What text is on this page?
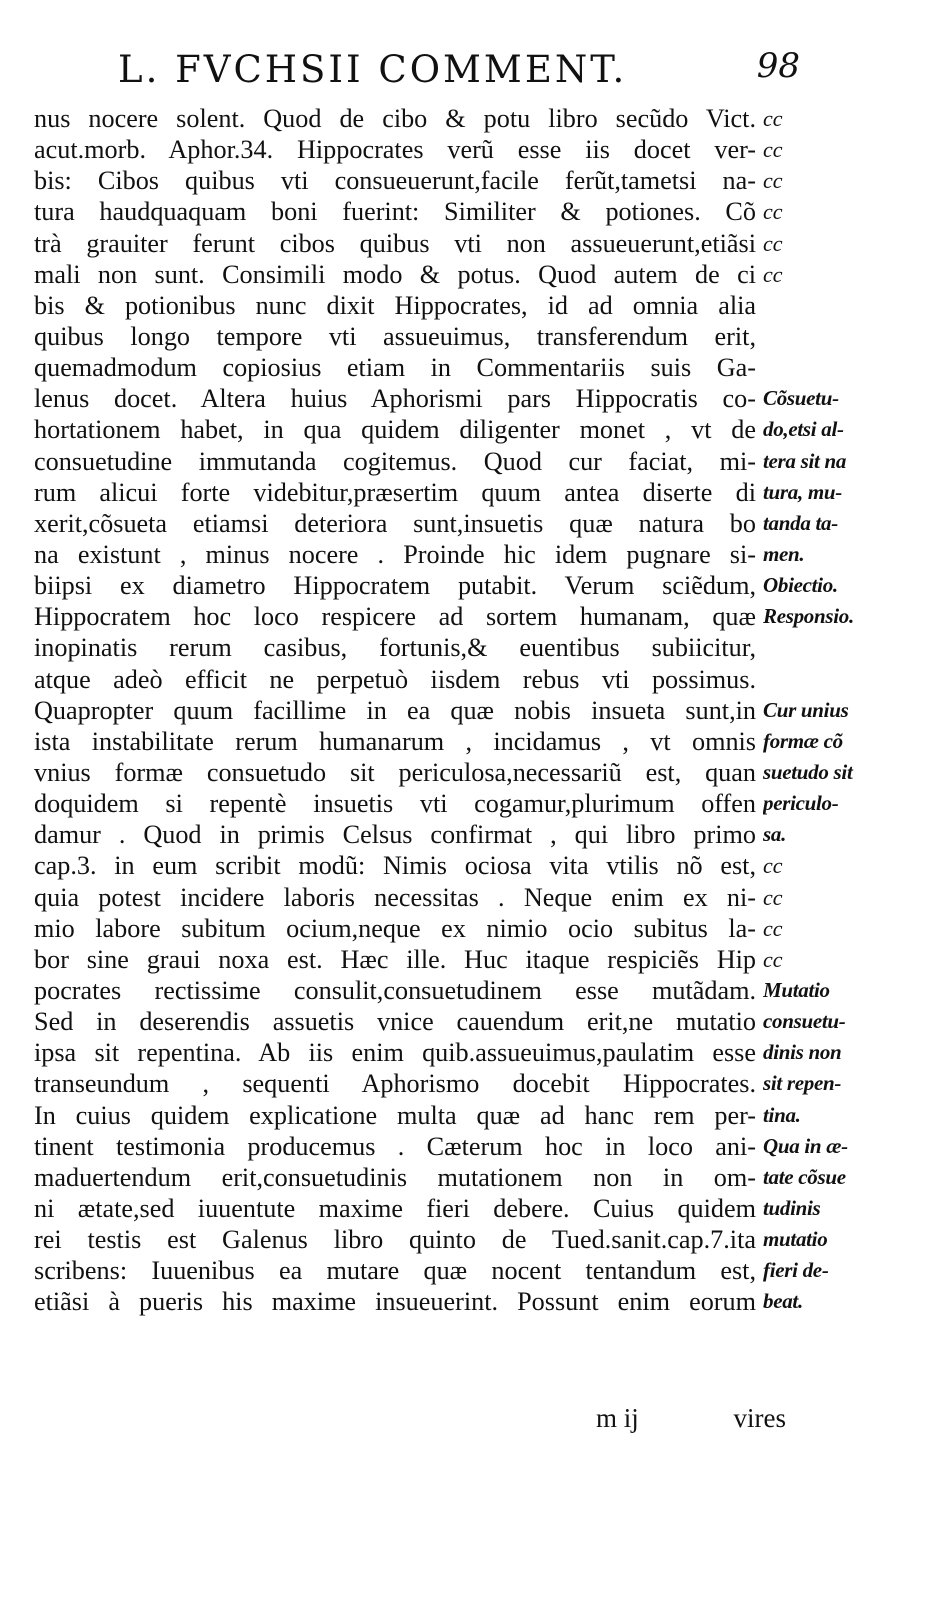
L. FVCHSII COMMENT.	98
nus nocere solent. Quod de cibo & potu libro secũdo Vict.
acut.morb. Aphor.34. Hippocrates verũ esse iis docet ver-
bis: Cibos quibus vti consueuerunt,facile ferũt,tametsi na-
tura haudquaquam boni fuerint: Similiter & potiones. Cõ
trà grauiter ferunt cibos quibus vti non assueuerunt,etiãsi
mali non sunt. Consimili modo & potus. Quod autem de ci
bis & potionibus nunc dixit Hippocrates, id ad omnia alia
quibus longo tempore vti assueuimus, transferendum erit,
quemadmodum copiosius etiam in Commentariis suis Ga-
lenus docet. Altera huius Aphorismi pars Hippocratis co-
hortationem habet, in qua quidem diligenter monet , vt de
consuetudine immutanda cogitemus. Quod cur faciat, mi-
rum alicui forte videbitur,præsertim quum antea diserte di
xerit,cõsueta etiamsi deteriora sunt,insuetis quæ natura bo
na existunt , minus nocere . Proinde hic idem pugnare si-
biipsi ex diametro Hippocratem putabit. Verum sciẽdum,
Hippocratem hoc loco respicere ad sortem humanam, quæ
inopinatis rerum casibus, fortunis,& euentibus subiicitur,
atque adeò efficit ne perpetuò iisdem rebus vti possimus.
Quapropter quum facillime in ea quæ nobis insueta sunt,in
ista instabilitate rerum humanarum , incidamus , vt omnis
vnius formæ consuetudo sit periculosa,necessariũ est, quan
doquidem si repentè insuetis vti cogamur,plurimum offen
damur . Quod in primis Celsus confirmat , qui libro primo
cap.3. in eum scribit modũ: Nimis ociosa vita vtilis nõ est,
quia potest incidere laboris necessitas . Neque enim ex ni-
mio labore subitum ocium,neque ex nimio ocio subitus la-
bor sine graui noxa est. Hæc ille. Huc itaque respiciẽs Hip
pocrates rectissime consulit,consuetudinem esse mutãdam.
Sed in deserendis assuetis vnice cauendum erit,ne mutatio
ipsa sit repentina. Ab iis enim quib.assueuimus,paulatim esse
transeundum , sequenti Aphorismo docebit Hippocrates.
In cuius quidem explicatione multa quæ ad hanc rem per-
tinent testimonia producemus . Cæterum hoc in loco ani-
maduertendum erit,consuetudinis mutationem non in om-
ni ætate,sed iuuentute maxime fieri debere. Cuius quidem
rei testis est Galenus libro quinto de Tued.sanit.cap.7.ita
scribens: Iuuenibus ea mutare quæ nocent tentandum est,
etiãsi à pueris his maxime insueuerint. Possunt enim eorum
cc
cc
cc
cc
cc
cc
Cõsuetu-
do,etsi al-
tera sit na
tura, mu-
tanda ta-
men.
Obiectio.
Responsio.
Cur unius
formæ cõ
suetudo sit
periculo-
sa.
cc
cc
cc
cc
Mutatio
consuetu-
dinis non
sit repen-
tina.
Qua in æ-
tate cõsue
tudinis
mutatio
fieri de-
beat.
m ij	vires
